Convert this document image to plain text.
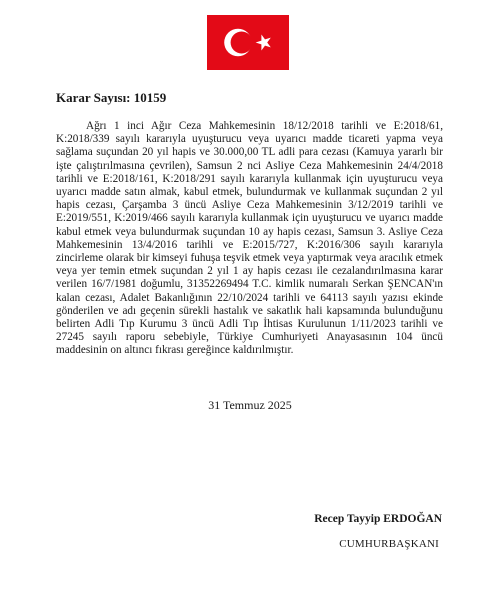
Karar Sayısı: 10159

Ağrı 1 inci Ağır Ceza Mahkemesinin 18/12/2018 tarihli ve E:2018/61, K:2018/339 sayılı kararıyla uyuşturucu veya uyarıcı madde ticareti yapma veya sağlama suçundan 20 yıl hapis ve 30.000,00 TL adli para cezası (Kamuya yararlı bir işte çalıştırılmasına çevrilen), Samsun 2 nci Asliye Ceza Mahkemesinin 24/4/2018 tarihli ve E:2018/161, K:2018/291 sayılı kararıyla kullanmak için uyuşturucu veya uyarıcı madde satın almak, kabul etmek, bulundurmak ve kullanmak suçundan 2 yıl hapis cezası, Çarşamba 3 üncü Asliye Ceza Mahkemesinin 3/12/2019 tarihli ve E:2019/551, K:2019/466 sayılı kararıyla kullanmak için uyuşturucu ve uyarıcı madde kabul etmek veya bulundurmak suçundan 10 ay hapis cezası, Samsun 3. Asliye Ceza Mahkemesinin 13/4/2016 tarihli ve E:2015/727, K:2016/306 sayılı kararıyla zincirleme olarak bir kimseyi fuhuşa teşvik etmek veya yaptırmak veya aracılık etmek veya yer temin etmek suçundan 2 yıl 1 ay hapis cezası ile cezalandırılmasına karar verilen 16/7/1981 doğumlu, 31352269494 T.C. kimlik numaralı Serkan ŞENCAN'ın kalan cezası, Adalet Bakanlığının 22/10/2024 tarihli ve 64113 sayılı yazısı ekinde gönderilen ve adı geçenin sürekli hastalık ve sakatlık hali kapsamında bulunduğunu belirten Adli Tıp Kurumu 3 üncü Adli Tıp İhtisas Kurulunun 1/11/2023 tarihli ve 27245 sayılı raporu sebebiyle, Türkiye Cumhuriyeti Anayasasının 104 üncü maddesinin on altıncı fıkrası gereğince kaldırılmıştır.

31 Temmuz 2025

Recep Tayyip ERDOĞAN

CUMHURBAŞKANI
